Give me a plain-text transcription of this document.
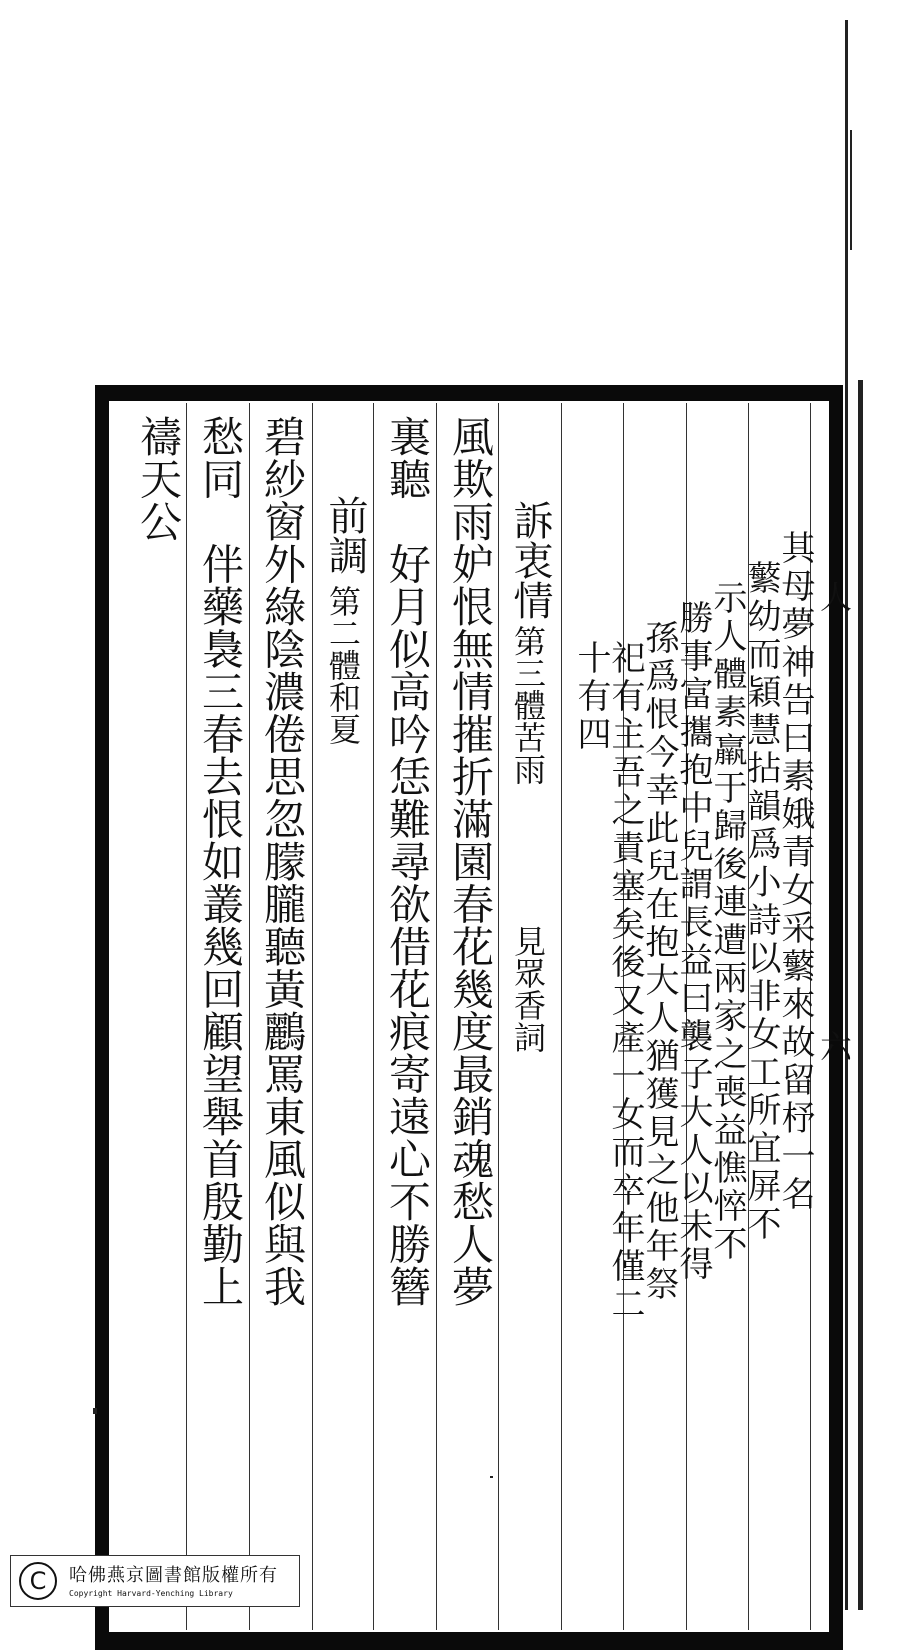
其母夢神告曰素娥青女采蘩來故留杼一名
蘩幼而穎慧拈韻爲小詩以非女工所宜屏不
示人體素羸于歸後連遭兩家之喪益憔悴不
勝事富攜抱中兒謂長益曰襲子大人以未得
孫爲恨今幸此兒在抱大人猶獲見之他年祭
祀有主吾之責塞矣後又產一女而卒年僅二
十有四
人
六
訴衷情
第三體苦雨
見眾香詞
風欺雨妒恨無情摧折滿園春花幾度最銷魂愁人夢
裏聽　好月似高吟恁難尋欲借花痕寄遠心不勝簪
前調
第二體和夏
碧紗窗外綠陰濃倦思忽朦朧聽黃鸝罵東風似與我
愁同　伴藥裊三春去恨如叢幾回顧望舉首殷勤上
禱天公
C	哈佛燕京圖書館版權所有
Copyright Harvard-Yenching Library
